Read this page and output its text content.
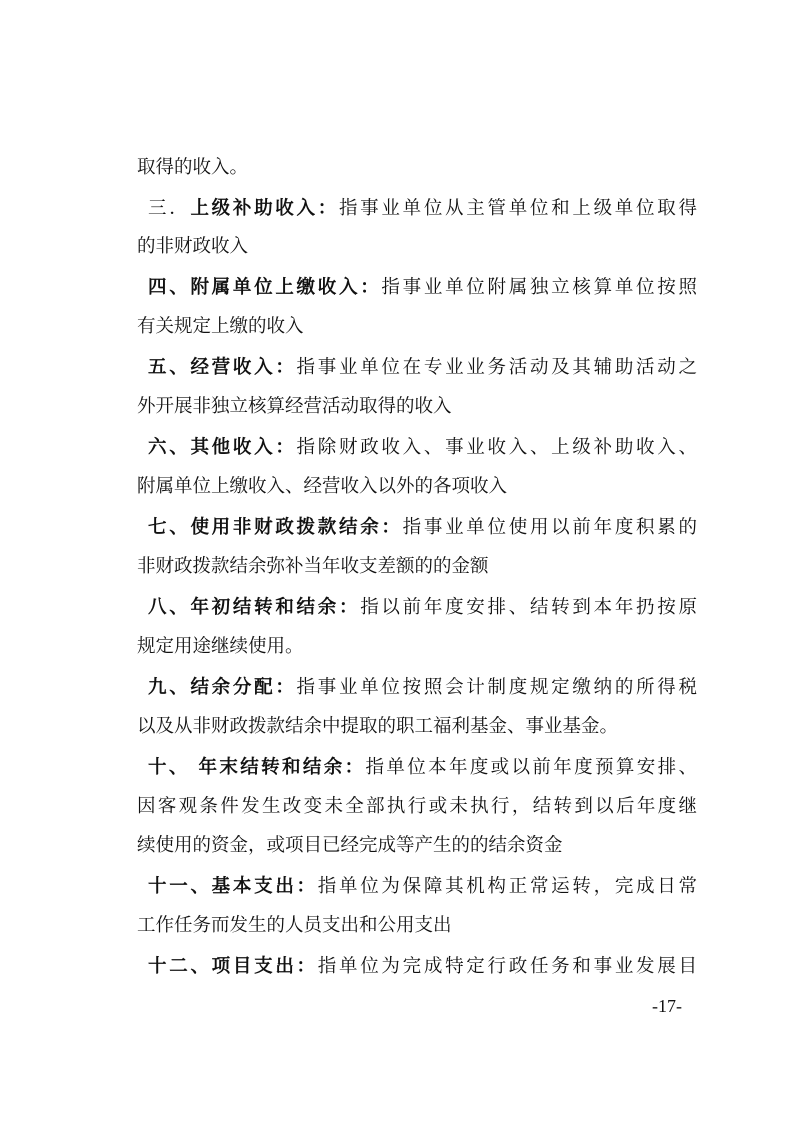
取得的收入。
三．上级补助收入：指事业单位从主管单位和上级单位取得
的非财政收入
四、附属单位上缴收入：指事业单位附属独立核算单位按照
有关规定上缴的收入
五、经营收入：指事业单位在专业业务活动及其辅助活动之
外开展非独立核算经营活动取得的收入
六、其他收入：指除财政收入、事业收入、上级补助收入、
附属单位上缴收入、经营收入以外的各项收入
七、使用非财政拨款结余：指事业单位使用以前年度积累的
非财政拨款结余弥补当年收支差额的的金额
八、年初结转和结余：指以前年度安排、结转到本年扔按原
规定用途继续使用。
九、结余分配：指事业单位按照会计制度规定缴纳的所得税
以及从非财政拨款结余中提取的职工福利基金、事业基金。
十、 年末结转和结余：指单位本年度或以前年度预算安排、
因客观条件发生改变未全部执行或未执行，结转到以后年度继
续使用的资金，或项目已经完成等产生的的结余资金
十一、基本支出：指单位为保障其机构正常运转，完成日常
工作任务而发生的人员支出和公用支出
十二、项目支出：指单位为完成特定行政任务和事业发展目
-17-
